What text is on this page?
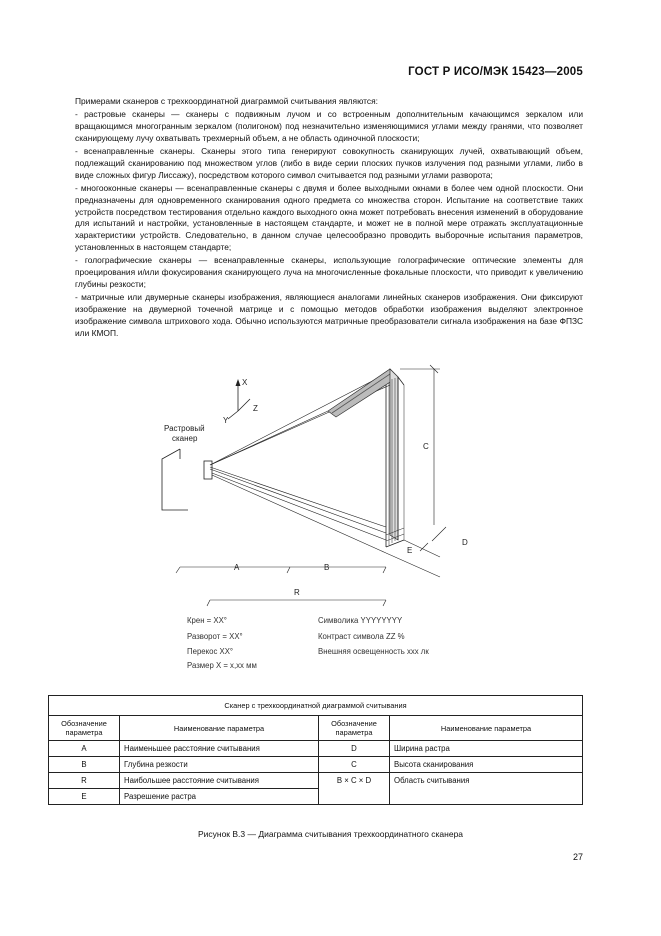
ГОСТ Р ИСО/МЭК 15423—2005

Примерами сканеров с трехкоординатной диаграммой считывания являются:

- растровые сканеры — сканеры с подвижным лучом и со встроенным дополнительным качающимся зеркалом или вращающимся многогранным зеркалом (полигоном) под незначительно изменяющимися углами между гранями, что позволяет сканирующему лучу охватывать трехмерный объем, а не область одиночной плоскости;

- всенаправленные сканеры. Сканеры этого типа генерируют совокупность сканирующих лучей, охватывающий объем, подлежащий сканированию под множеством углов (либо в виде серии плоских пучков излучения под разными углами, либо в виде сложных фигур Лиссажу), посредством которого символ считывается под разными углами разворота;

- многооконные сканеры — всенаправленные сканеры с двумя и более выходными окнами в более чем одной плоскости. Они предназначены для одновременного сканирования одного предмета со множества сторон. Испытание на соответствие таких устройств посредством тестирования отдельно каждого выходного окна может потребовать внесения изменений в оборудование для испытаний и настройки, установленные в настоящем стандарте, и может не в полной мере отражать эксплуатационные характеристики устройств. Следовательно, в данном случае целесообразно проводить выборочные испытания параметров, установленных в настоящем стандарте;

- голографические сканеры — всенаправленные сканеры, использующие голографические оптические элементы для проецирования и/или фокусирования сканирующего луча на многочисленные фокальные плоскости, что приводит к увеличению глубины резкости;

- матричные или двумерные сканеры изображения, являющиеся аналогами линейных сканеров изображения. Они фиксируют изображение на двумерной точечной матрице и с помощью методов обработки изображения выделяют электронное изображение символа штрихового хода. Обычно используются матричные преобразователи сигнала изображения на базе ФПЗС или КМОП.

X
Z
Y
Растровый
сканер
A	B
R
C
D
E
Крен = XX°
Разворот = XX°
Перекос XX°
Размер X = x,xx мм
Символика YYYYYYYY
Контраст символа ZZ %
Внешняя освещенность xxx лк
Сканер с трехкоординатной диаграммой считывания			
Обозначение параметра	Наименование параметра	Обозначение параметра	Наименование параметра
A	Наименьшее расстояние считывания	D	Ширина растра
B	Глубина резкости	C	Высота сканирования
R	Наибольшее расстояние считывания	B × C × D	Область считывания
E	Разрешение растра		
Рисунок В.3 — Диаграмма считывания трехкоординатного сканера
27
